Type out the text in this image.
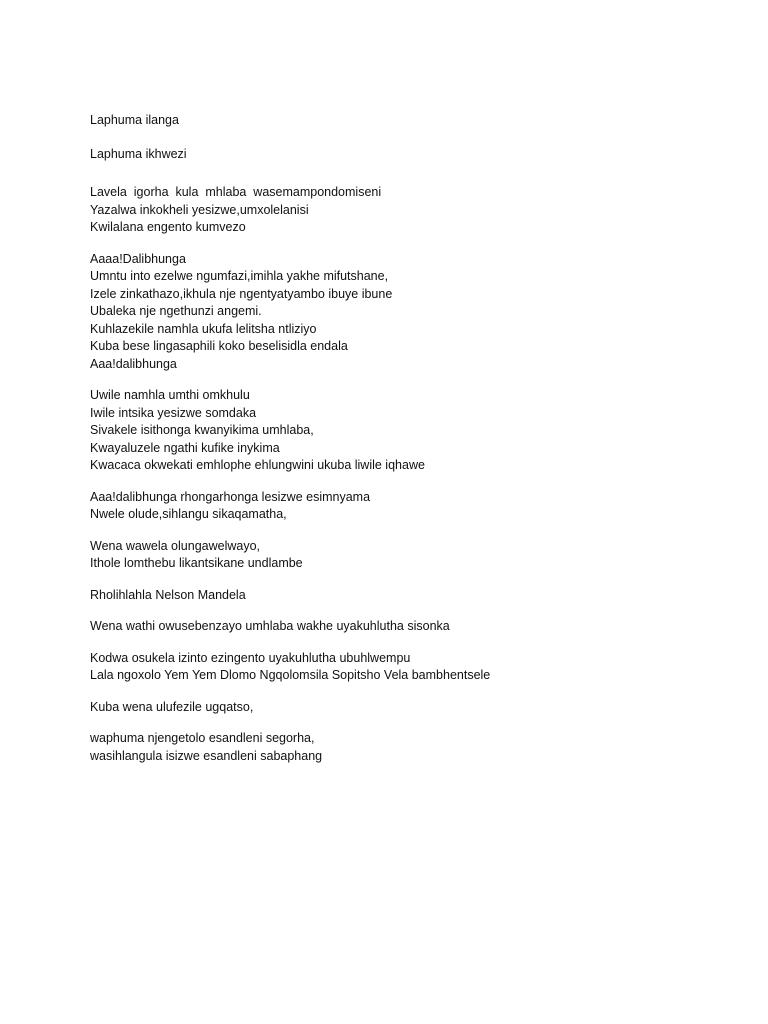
Laphuma ilanga
Laphuma ikhwezi
Lavela  igorha  kula  mhlaba  wasemampondomiseni
Yazalwa inkokheli yesizwe,umxolelanisi
Kwilalana engento kumvezo
Aaaa!Dalibhunga
Umntu into ezelwe ngumfazi,imihla yakhe mifutshane,
Izele zinkathazo,ikhula nje ngentyatyambo ibuye ibune
Ubaleka nje ngethunzi angemi.
Kuhlazekile namhla ukufa lelitsha ntliziyo
Kuba bese lingasaphili koko beselisidla endala
Aaa!dalibhunga
Uwile namhla umthi omkhulu
Iwile intsika yesizwe somdaka
Sivakele isithonga kwanyikima umhlaba,
Kwayaluzele ngathi kufike inykima
Kwacaca okwekati emhlophe ehlungwini ukuba liwile iqhawe
Aaa!dalibhunga rhongarhonga lesizwe esimnyama
Nwele olude,sihlangu sikaqamatha,
Wena wawela olungawelwayo,
Ithole lomthebu likantsikane undlambe
Rholihlahla Nelson Mandela
Wena wathi owusebenzayo umhlaba wakhe uyakuhlutha sisonka
Kodwa osukela izinto ezingento uyakuhlutha ubuhlwempu
Lala ngoxolo Yem Yem Dlomo Ngqolomsila Sopitsho Vela bambhentsele
Kuba wena ulufezile ugqatso,
waphuma njengetolo esandleni segorha,
wasihlangula isizwe esandleni sabaphang
